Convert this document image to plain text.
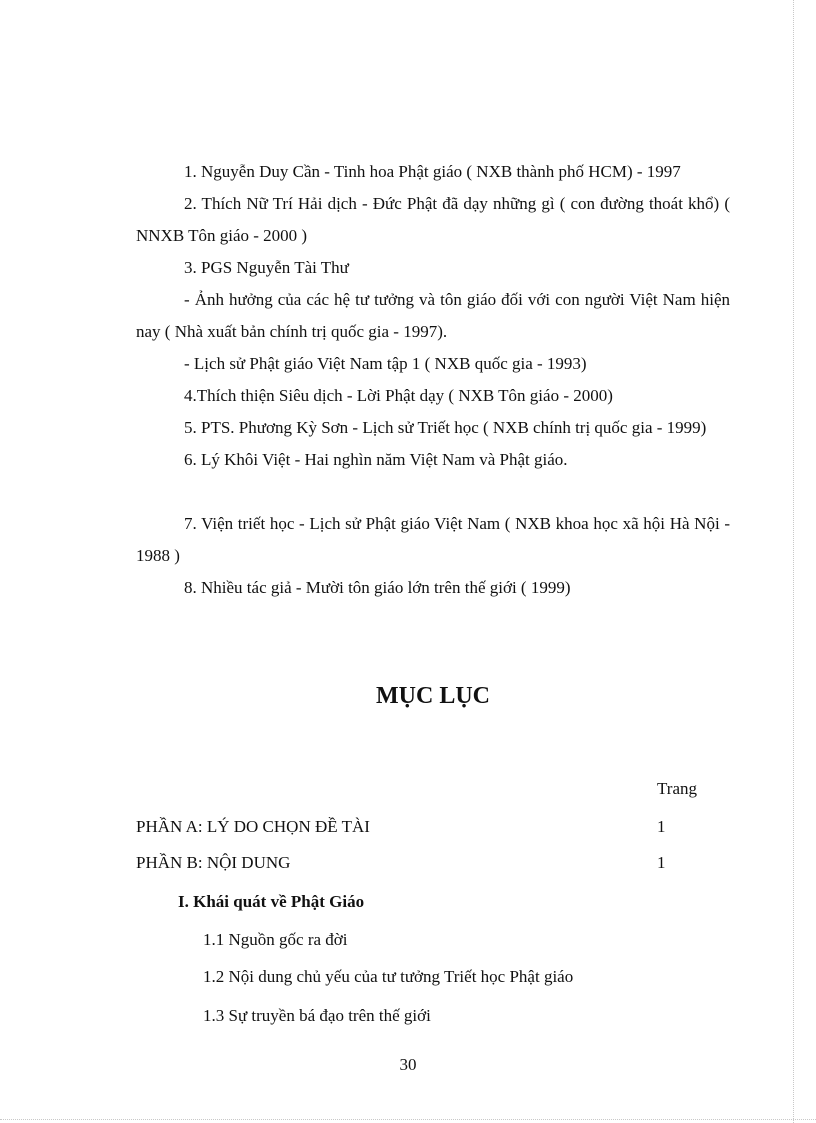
1. Nguyễn Duy Cần - Tinh hoa Phật giáo ( NXB thành phố HCM) - 1997

2. Thích Nữ Trí Hải dịch - Đức Phật đã dạy những gì ( con đường thoát khổ) ( NNXB Tôn giáo - 2000 )

3. PGS Nguyễn Tài Thư

- Ảnh hưởng của các hệ tư tưởng và tôn giáo đối với con người Việt Nam hiện nay ( Nhà xuất bản chính trị quốc gia - 1997).

- Lịch sử Phật giáo Việt Nam tập 1 ( NXB quốc gia - 1993)

4.Thích thiện Siêu dịch - Lời Phật dạy ( NXB Tôn giáo - 2000)

5. PTS. Phương Kỳ Sơn - Lịch sử Triết học ( NXB chính trị quốc gia - 1999)

6. Lý Khôi Việt - Hai nghìn năm Việt Nam và Phật giáo.

7. Viện triết học - Lịch sử Phật giáo Việt Nam ( NXB khoa học xã hội Hà Nội - 1988 )

8. Nhiều tác giả - Mười tôn giáo lớn trên thế giới ( 1999)

MỤC LỤC
Trang
PHẦN A: LÝ DO CHỌN ĐỀ TÀI	1
PHẦN B: NỘI DUNG	1
I. Khái quát về Phật Giáo
1.1 Nguồn gốc ra đời
1.2 Nội dung chủ yếu của tư tưởng Triết học Phật giáo
1.3 Sự truyền bá đạo trên thế giới
30
